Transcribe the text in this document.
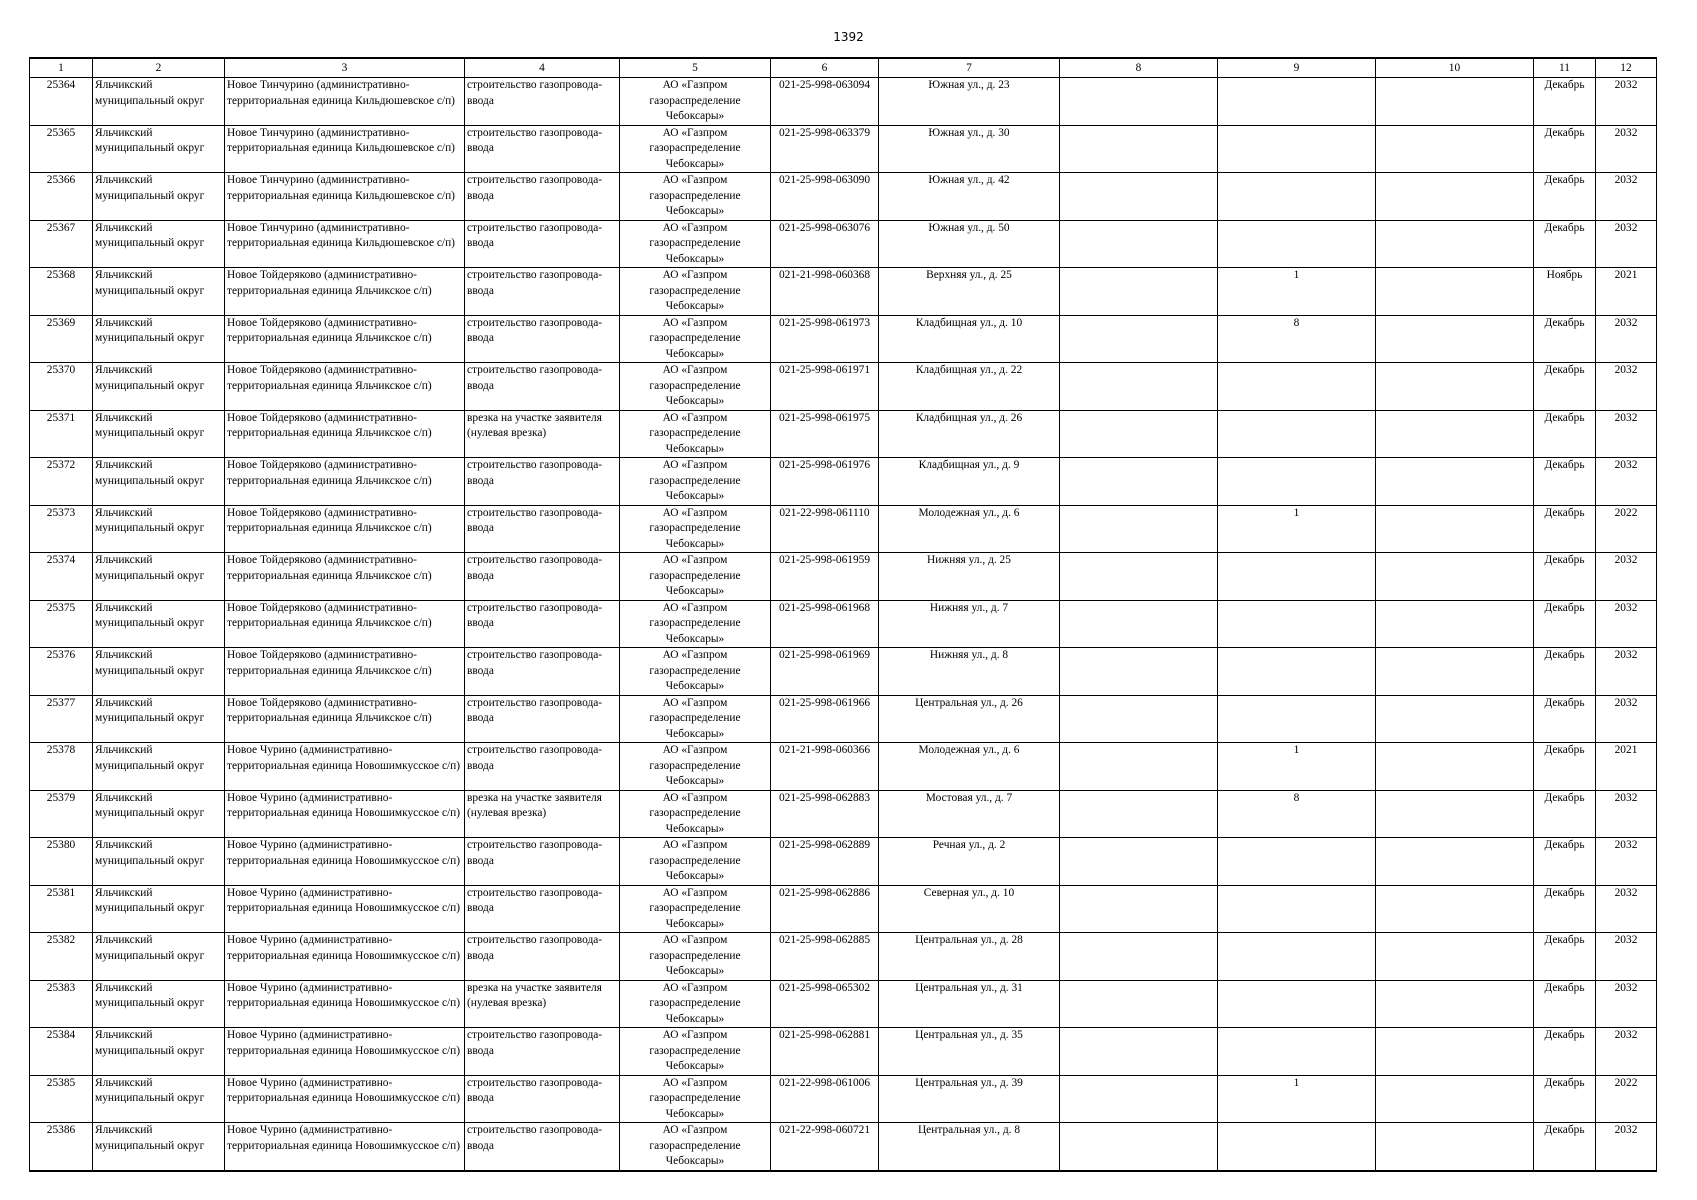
1392
1	2	3	4	5	6	7	8	9	10	11	12
25364	Яльчикский муниципальный округ	Новое Тинчурино (административно-территориальная единица Кильдюшевское с/п)	строительство газопровода-ввода	АО «Газпром газораспределение Чебоксары»	021-25-998-063094	Южная ул., д. 23				Декабрь	2032
25365	Яльчикский муниципальный округ	Новое Тинчурино (административно-территориальная единица Кильдюшевское с/п)	строительство газопровода-ввода	АО «Газпром газораспределение Чебоксары»	021-25-998-063379	Южная ул., д. 30				Декабрь	2032
25366	Яльчикский муниципальный округ	Новое Тинчурино (административно-территориальная единица Кильдюшевское с/п)	строительство газопровода-ввода	АО «Газпром газораспределение Чебоксары»	021-25-998-063090	Южная ул., д. 42				Декабрь	2032
25367	Яльчикский муниципальный округ	Новое Тинчурино (административно-территориальная единица Кильдюшевское с/п)	строительство газопровода-ввода	АО «Газпром газораспределение Чебоксары»	021-25-998-063076	Южная ул., д. 50				Декабрь	2032
25368	Яльчикский муниципальный округ	Новое Тойдеряково (административно-территориальная единица Яльчикское с/п)	строительство газопровода-ввода	АО «Газпром газораспределение Чебоксары»	021-21-998-060368	Верхняя ул., д. 25		1		Ноябрь	2021
25369	Яльчикский муниципальный округ	Новое Тойдеряково (административно-территориальная единица Яльчикское с/п)	строительство газопровода-ввода	АО «Газпром газораспределение Чебоксары»	021-25-998-061973	Кладбищная ул., д. 10		8		Декабрь	2032
25370	Яльчикский муниципальный округ	Новое Тойдеряково (административно-территориальная единица Яльчикское с/п)	строительство газопровода-ввода	АО «Газпром газораспределение Чебоксары»	021-25-998-061971	Кладбищная ул., д. 22				Декабрь	2032
25371	Яльчикский муниципальный округ	Новое Тойдеряково (административно-территориальная единица Яльчикское с/п)	врезка на участке заявителя (нулевая врезка)	АО «Газпром газораспределение Чебоксары»	021-25-998-061975	Кладбищная ул., д. 26				Декабрь	2032
25372	Яльчикский муниципальный округ	Новое Тойдеряково (административно-территориальная единица Яльчикское с/п)	строительство газопровода-ввода	АО «Газпром газораспределение Чебоксары»	021-25-998-061976	Кладбищная ул., д. 9				Декабрь	2032
25373	Яльчикский муниципальный округ	Новое Тойдеряково (административно-территориальная единица Яльчикское с/п)	строительство газопровода-ввода	АО «Газпром газораспределение Чебоксары»	021-22-998-061110	Молодежная ул., д. 6		1		Декабрь	2022
25374	Яльчикский муниципальный округ	Новое Тойдеряково (административно-территориальная единица Яльчикское с/п)	строительство газопровода-ввода	АО «Газпром газораспределение Чебоксары»	021-25-998-061959	Нижняя ул., д. 25				Декабрь	2032
25375	Яльчикский муниципальный округ	Новое Тойдеряково (административно-территориальная единица Яльчикское с/п)	строительство газопровода-ввода	АО «Газпром газораспределение Чебоксары»	021-25-998-061968	Нижняя ул., д. 7				Декабрь	2032
25376	Яльчикский муниципальный округ	Новое Тойдеряково (административно-территориальная единица Яльчикское с/п)	строительство газопровода-ввода	АО «Газпром газораспределение Чебоксары»	021-25-998-061969	Нижняя ул., д. 8				Декабрь	2032
25377	Яльчикский муниципальный округ	Новое Тойдеряково (административно-территориальная единица Яльчикское с/п)	строительство газопровода-ввода	АО «Газпром газораспределение Чебоксары»	021-25-998-061966	Центральная ул., д. 26				Декабрь	2032
25378	Яльчикский муниципальный округ	Новое Чурино (административно-территориальная единица Новошимкусское с/п)	строительство газопровода-ввода	АО «Газпром газораспределение Чебоксары»	021-21-998-060366	Молодежная ул., д. 6		1		Декабрь	2021
25379	Яльчикский муниципальный округ	Новое Чурино (административно-территориальная единица Новошимкусское с/п)	врезка на участке заявителя (нулевая врезка)	АО «Газпром газораспределение Чебоксары»	021-25-998-062883	Мостовая ул., д. 7		8		Декабрь	2032
25380	Яльчикский муниципальный округ	Новое Чурино (административно-территориальная единица Новошимкусское с/п)	строительство газопровода-ввода	АО «Газпром газораспределение Чебоксары»	021-25-998-062889	Речная ул., д. 2				Декабрь	2032
25381	Яльчикский муниципальный округ	Новое Чурино (административно-территориальная единица Новошимкусское с/п)	строительство газопровода-ввода	АО «Газпром газораспределение Чебоксары»	021-25-998-062886	Северная ул., д. 10				Декабрь	2032
25382	Яльчикский муниципальный округ	Новое Чурино (административно-территориальная единица Новошимкусское с/п)	строительство газопровода-ввода	АО «Газпром газораспределение Чебоксары»	021-25-998-062885	Центральная ул., д. 28				Декабрь	2032
25383	Яльчикский муниципальный округ	Новое Чурино (административно-территориальная единица Новошимкусское с/п)	врезка на участке заявителя (нулевая врезка)	АО «Газпром газораспределение Чебоксары»	021-25-998-065302	Центральная ул., д. 31				Декабрь	2032
25384	Яльчикский муниципальный округ	Новое Чурино (административно-территориальная единица Новошимкусское с/п)	строительство газопровода-ввода	АО «Газпром газораспределение Чебоксары»	021-25-998-062881	Центральная ул., д. 35				Декабрь	2032
25385	Яльчикский муниципальный округ	Новое Чурино (административно-территориальная единица Новошимкусское с/п)	строительство газопровода-ввода	АО «Газпром газораспределение Чебоксары»	021-22-998-061006	Центральная ул., д. 39		1		Декабрь	2022
25386	Яльчикский муниципальный округ	Новое Чурино (административно-территориальная единица Новошимкусское с/п)	строительство газопровода-ввода	АО «Газпром газораспределение Чебоксары»	021-22-998-060721	Центральная ул., д. 8				Декабрь	2032
